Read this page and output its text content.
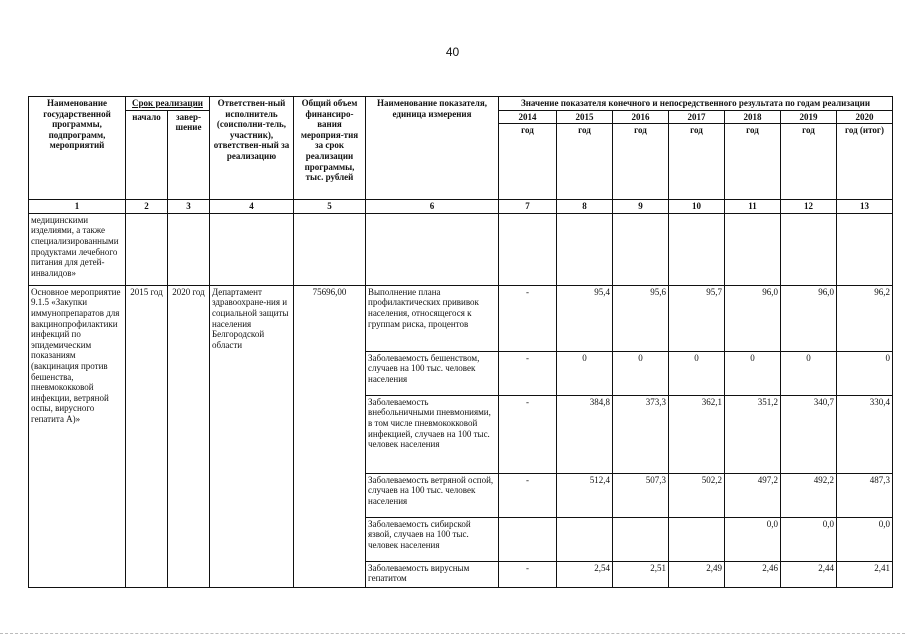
40
Наименование государственной программы, подпрограмм, мероприятий	Срок реализации		Ответствен-ный исполнитель (соисполни-тель, участник), ответствен-ный за реализацию	Общий объем финансиро-вания мероприя-тия за срок реализации программы, тыс. рублей	Наименование показателя, единица измерения	Значение показателя конечного и непосредственного результата по годам реализации						
	начало	завер-шение				2014	2015	2016	2017	2018	2019	2020
						год	год	год	год	год	год	год (итог)
1	2	3	4	5	6	7	8	9	10	11	12	13
медицинскими изделиями, а также специализированными продуктами лечебного питания для детей-инвалидов»												
Основное мероприятие 9.1.5 «Закупки иммунопрепаратов для вакцинопрофилактики инфекций по эпидемическим показаниям (вакцинация против бешенства, пневмококковой инфекции, ветряной оспы, вирусного гепатита А)»	2015 год	2020 год	Департамент здравоохране-ния и социальной защиты населения Белгородской области	75696,00	Выполнение плана профилактических прививок населения, относящегося к группам риска, процентов	-	95,4	95,6	95,7	96,0	96,0	96,2
					Заболеваемость бешенством, случаев на 100 тыс. человек населения	-	0	0	0	0	0	0
					Заболеваемость внебольничными пневмониями, в том числе пневмококковой инфекцией, случаев на 100 тыс. человек населения	-	384,8	373,3	362,1	351,2	340,7	330,4
					Заболеваемость ветряной оспой, случаев на 100 тыс. человек населения	-	512,4	507,3	502,2	497,2	492,2	487,3
					Заболеваемость сибирской язвой, случаев на 100 тыс. человек населения					0,0	0,0	0,0
					Заболеваемость вирусным гепатитом	-	2,54	2,51	2,49	2,46	2,44	2,41
